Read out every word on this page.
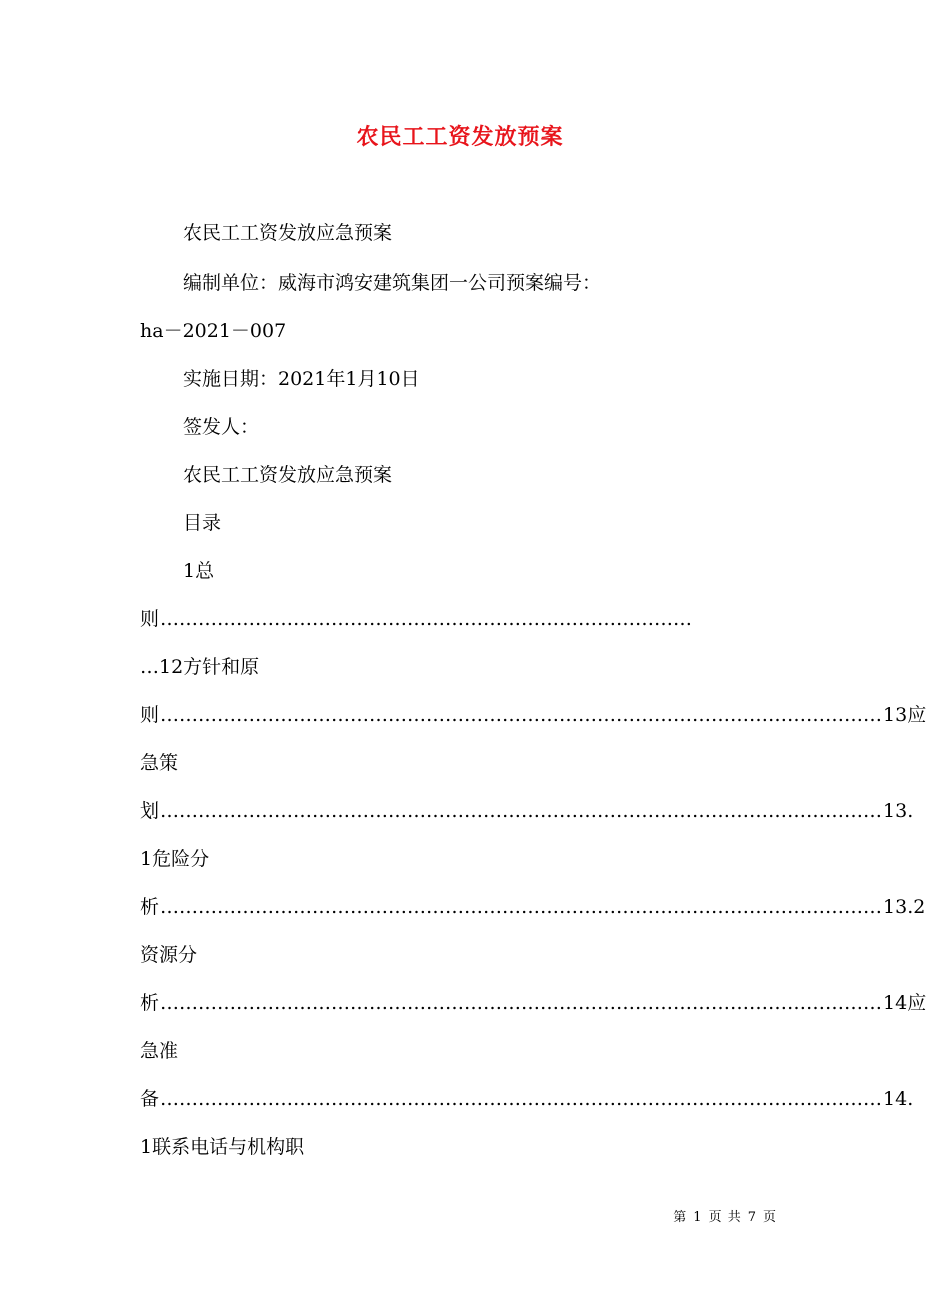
农民工工资发放预案
农民工工资发放应急预案
编制单位：威海市鸿安建筑集团一公司预案编号：
ha－2021－007
实施日期：2021年1月10日
签发人：
农民工工资发放应急预案
目录
1总
则 …………………………………………………………………………
…12方针和原
则 …………………………………………………………………………………………………… 13应
急策
划 …………………………………………………………………………………………………… 13.
1危险分
析 …………………………………………………………………………………………………… 13.2
资源分
析 …………………………………………………………………………………………………… 14应
急准
备 …………………………………………………………………………………………………… 14.
1联系电话与机构职
第 1 页 共 7 页
